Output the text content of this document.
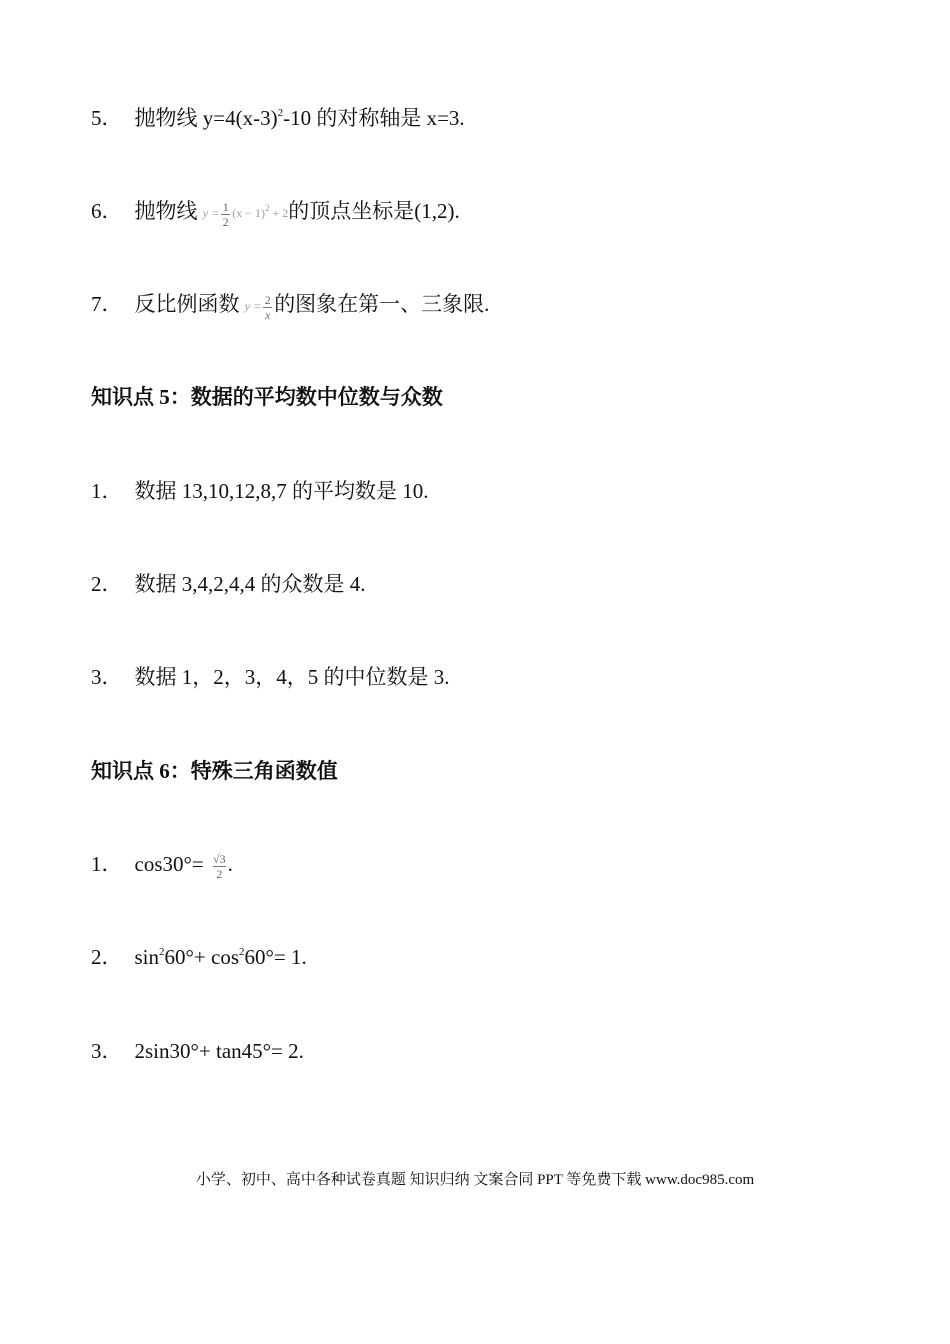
5． 抛物线 $y=4(x-3)^2-10$ 的对称轴是 x=3.
6． 抛物线 $y = \frac{1}{2} (x - 1)^2 + 2$的顶点坐标是(1,2).
7． 反比例函数 $y = \frac{2}{x}$ 的图象在第一、三象限.
知识点 5：数据的平均数中位数与众数
1． 数据 13,10,12,8,7 的平均数是 10.
2． 数据 3,4,2,4,4 的众数是 4.
3． 数据 1，2，3，4，5 的中位数是 3.
知识点 6：特殊三角函数值
1． $\cos 30^\circ= \frac{√3}{2}$ .
2． $\sin^260^\circ+ \cos^260^\circ= 1$.
3． 2sin30°+ tan45°= 2.
小学、初中、高中各种试卷真题 知识归纳 文案合同 PPT 等免费下载 www.doc985.com
